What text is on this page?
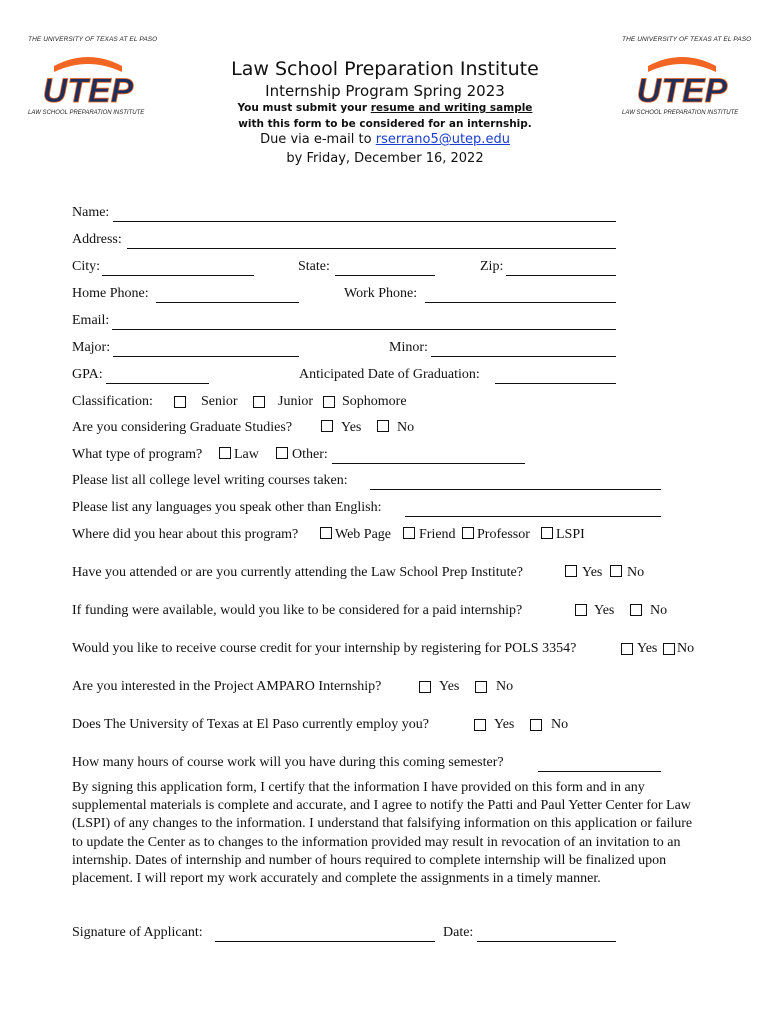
THE UNIVERSITY OF TEXAS AT EL PASO
UTEP
LAW SCHOOL PREPARATION INSTITUTE
THE UNIVERSITY OF TEXAS AT EL PASO
UTEP
LAW SCHOOL PREPARATION INSTITUTE
Law School Preparation Institute
Internship Program Spring 2023
You must submit your resume and writing sample
with this form to be considered for an internship.
Due via e-mail to rserrano5@utep.edu
by Friday, December 16, 2022
Name:
Address:
City:	State:	Zip:
Home Phone:	Work Phone:
Email:
Major:	Minor:
GPA:	Anticipated Date of Graduation:
Classification:	Senior	Junior Sophomore
Are you considering Graduate Studies?	Yes	No
What type of program? Law Other:
Please list all college level writing courses taken:
Please list any languages you speak other than English:
Where did you hear about this program?	Web Page Friend Professor LSPI
Have you attended or are you currently attending the Law School Prep Institute?	Yes No
If funding were available, would you like to be considered for a paid internship?	Yes	No
Would you like to receive course credit for your internship by registering for POLS 3354?	Yes No
Are you interested in the Project AMPARO Internship?	Yes	No
Does The University of Texas at El Paso currently employ you?	Yes	No
How many hours of course work will you have during this coming semester?
By signing this application form, I certify that the information I have provided on this form and in any supplemental materials is complete and accurate, and I agree to notify the Patti and Paul Yetter Center for Law (LSPI) of any changes to the information. I understand that falsifying information on this application or failure to update the Center as to changes to the information provided may result in revocation of an invitation to an internship. Dates of internship and number of hours required to complete internship will be finalized upon placement. I will report my work accurately and complete the assignments in a timely manner.
Signature of Applicant:	Date:
